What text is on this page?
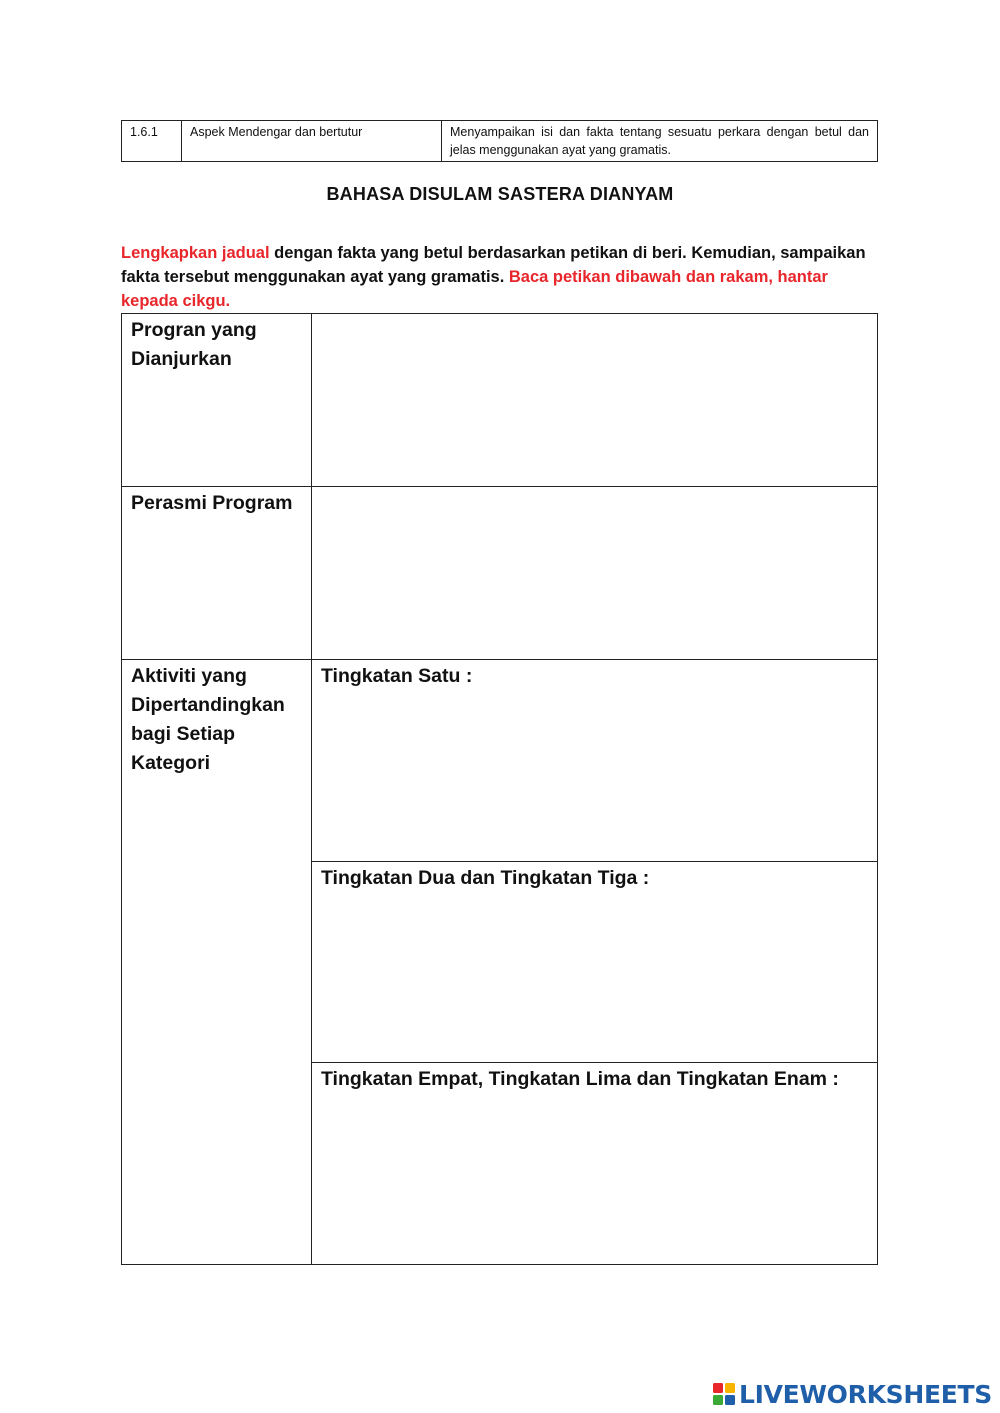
1.6.1	Aspek Mendengar dan bertutur	Menyampaikan isi dan fakta tentang sesuatu perkara dengan betul dan jelas menggunakan ayat yang gramatis.
BAHASA DISULAM SASTERA DIANYAM
Lengkapkan jadual dengan fakta yang betul berdasarkan petikan di beri. Kemudian, sampaikan fakta tersebut menggunakan ayat yang gramatis. Baca petikan dibawah dan rakam, hantar kepada cikgu.
Progran yang Dianjurkan	

Perasmi Program	

Aktiviti yang Dipertandingkan bagi Setiap Kategori	Tingkatan Satu :
	Tingkatan Dua dan Tingkatan Tiga :
	Tingkatan Empat, Tingkatan Lima dan Tingkatan Enam :
LIVEWORKSHEETS
